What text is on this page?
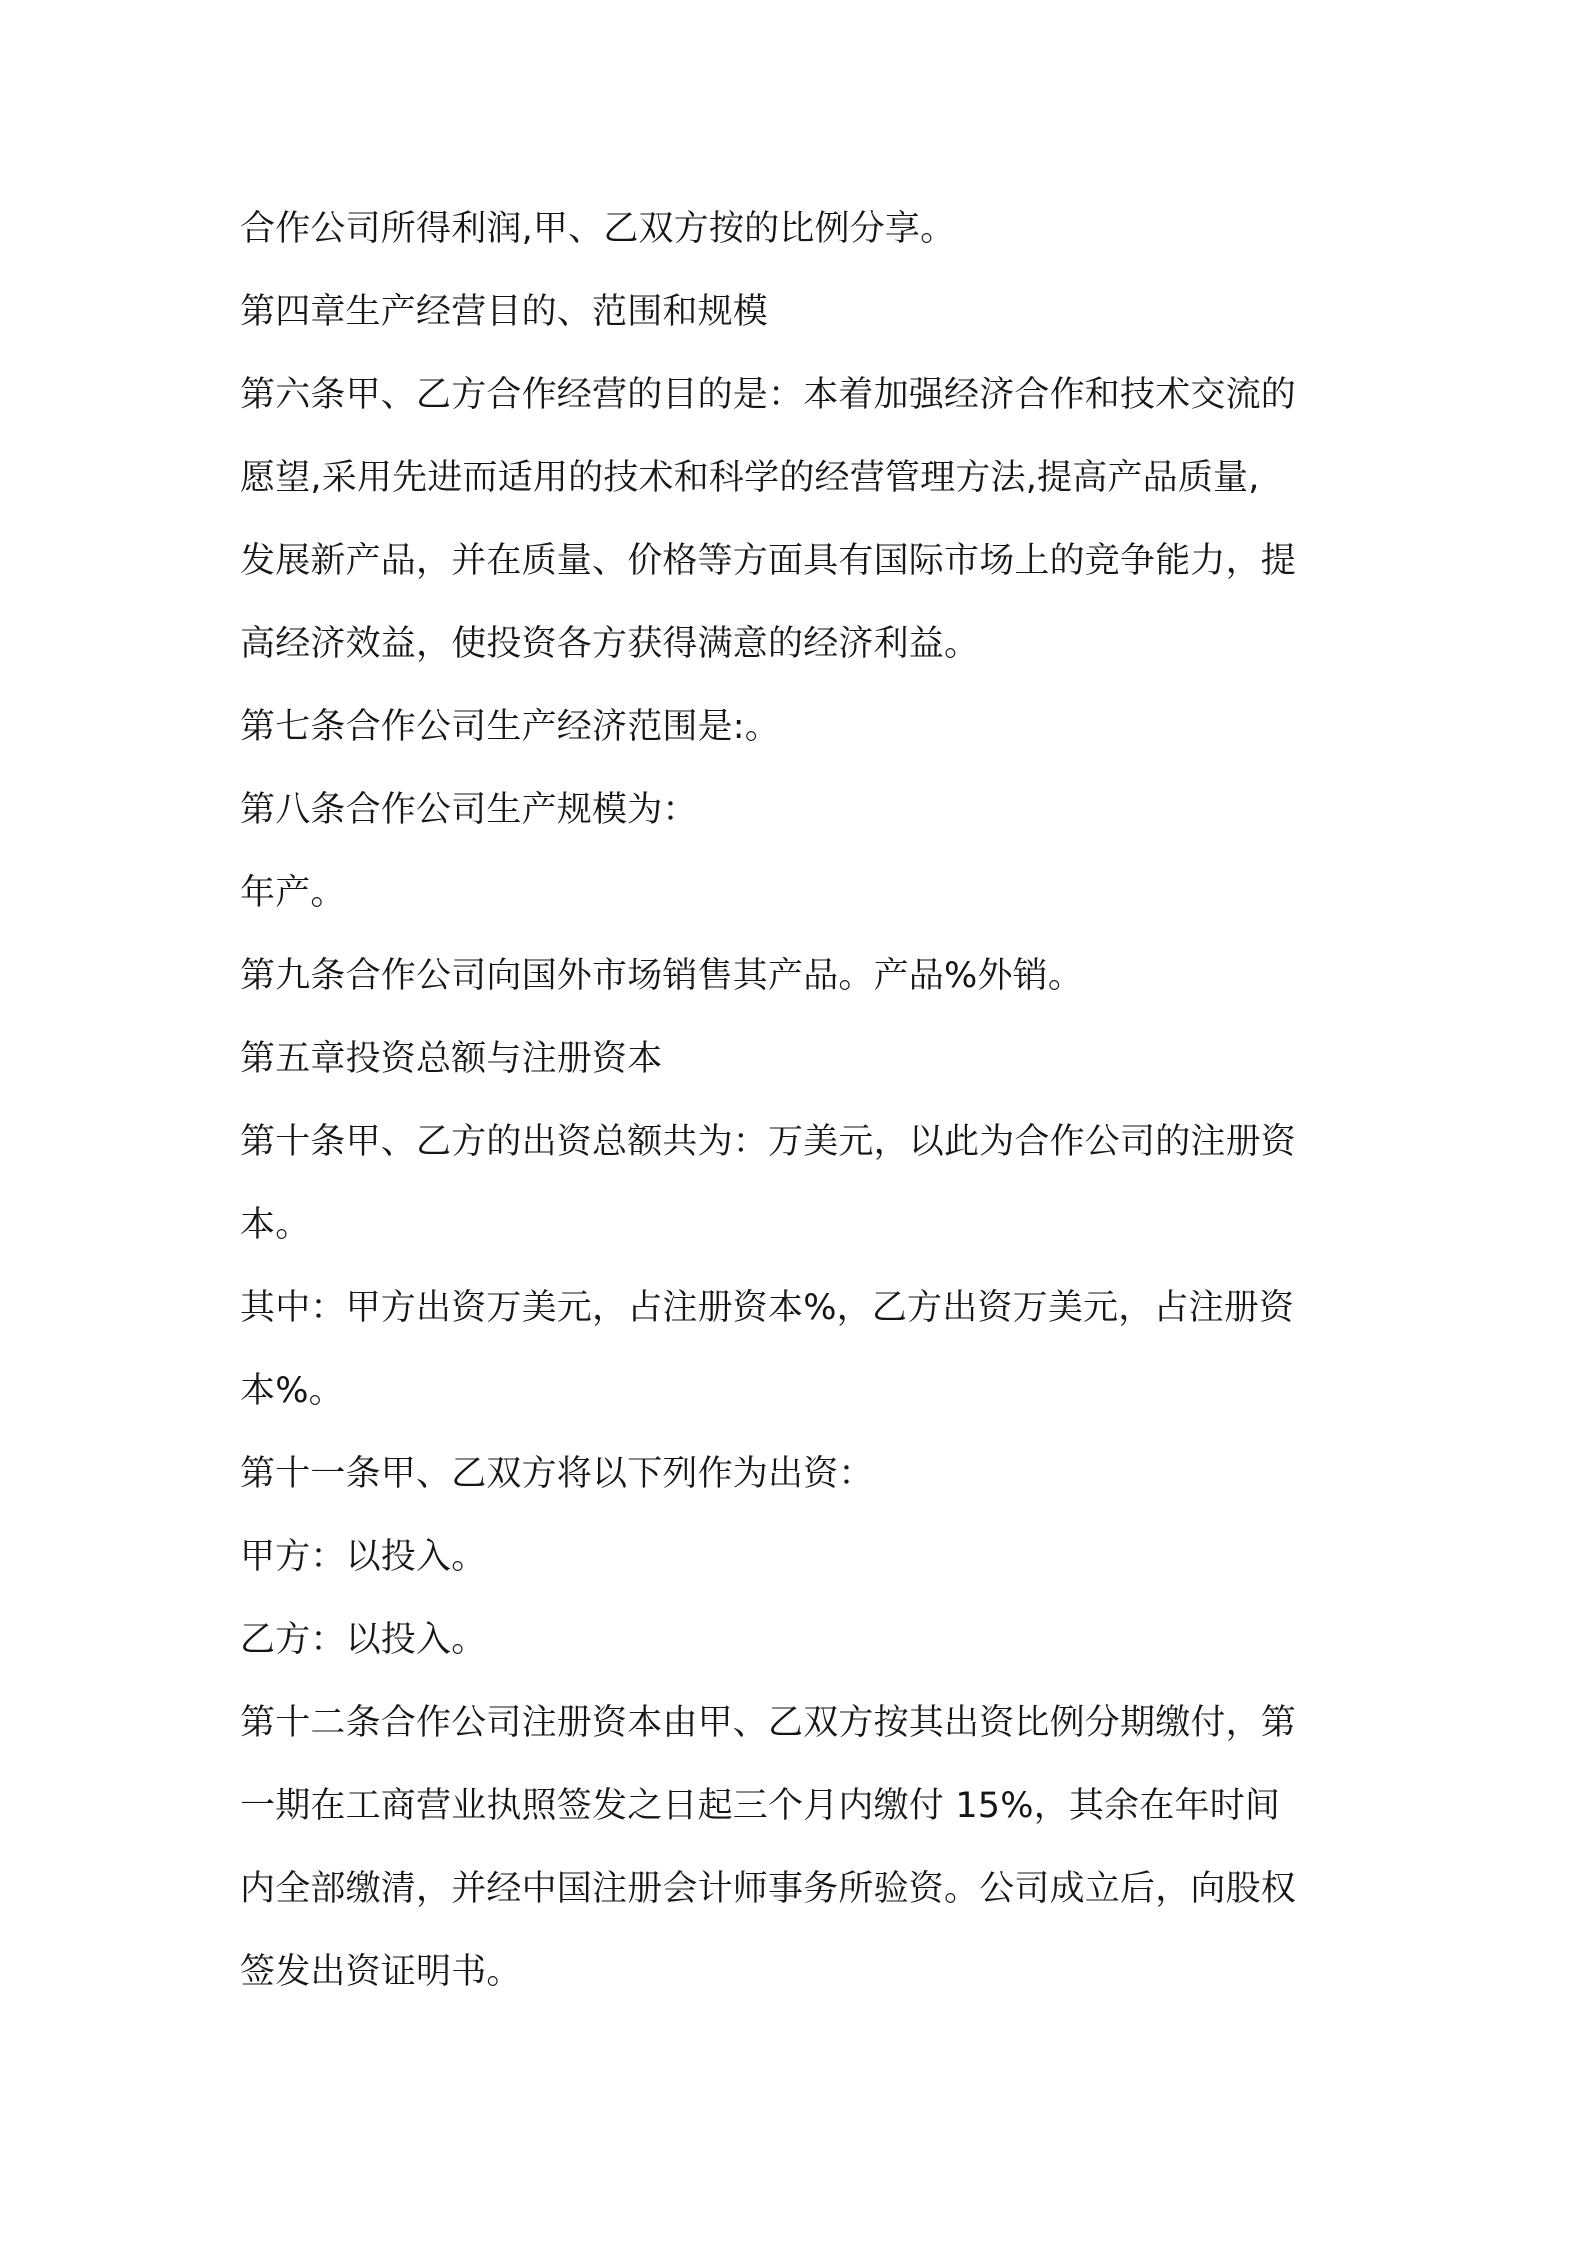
合作公司所得利润,甲、乙双方按的比例分享。
第四章生产经营目的、范围和规模
第六条甲、乙方合作经营的目的是：本着加强经济合作和技术交流的
愿望,采用先进而适用的技术和科学的经营管理方法,提高产品质量,
发展新产品，并在质量、价格等方面具有国际市场上的竞争能力，提
高经济效益，使投资各方获得满意的经济利益。
第七条合作公司生产经济范围是:。
第八条合作公司生产规模为：
年产。
第九条合作公司向国外市场销售其产品。产品%外销。
第五章投资总额与注册资本
第十条甲、乙方的出资总额共为：万美元，以此为合作公司的注册资
本。
其中：甲方出资万美元，占注册资本%，乙方出资万美元，占注册资
本%。
第十一条甲、乙双方将以下列作为出资：
甲方：以投入。
乙方：以投入。
第十二条合作公司注册资本由甲、乙双方按其出资比例分期缴付，第
一期在工商营业执照签发之日起三个月内缴付 15%，其余在年时间
内全部缴清，并经中国注册会计师事务所验资。公司成立后，向股权
签发出资证明书。
